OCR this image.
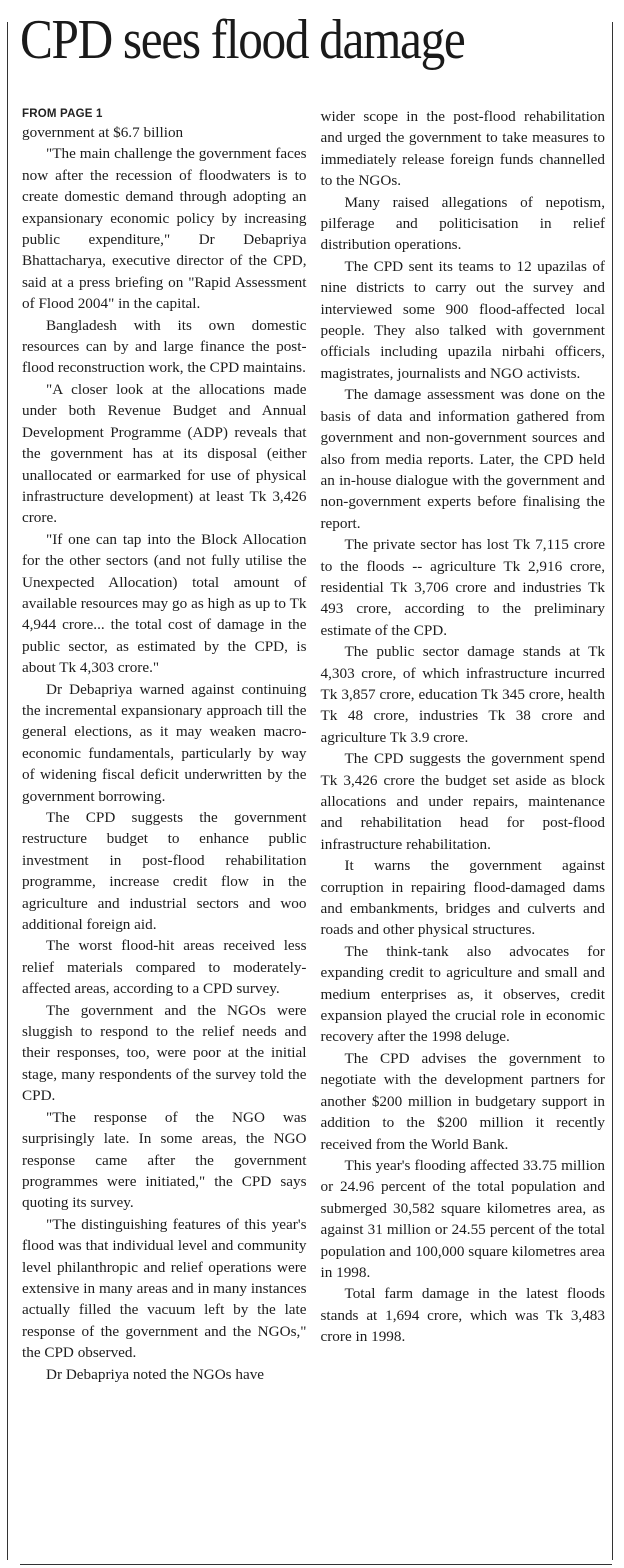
CPD sees flood damage
FROM PAGE 1

government at $6.7 billion

"The main challenge the government faces now after the recession of floodwaters is to create domestic demand through adopting an expansionary economic policy by increasing public expenditure," Dr Debapriya Bhattacharya, executive director of the CPD, said at a press briefing on "Rapid Assessment of Flood 2004" in the capital.

Bangladesh with its own domestic resources can by and large finance the post-flood reconstruction work, the CPD maintains.

"A closer look at the allocations made under both Revenue Budget and Annual Development Programme (ADP) reveals that the government has at its disposal (either unallocated or earmarked for use of physical infrastructure development) at least Tk 3,426 crore.

"If one can tap into the Block Allocation for the other sectors (and not fully utilise the Unexpected Allocation) total amount of available resources may go as high as up to Tk 4,944 crore... the total cost of damage in the public sector, as estimated by the CPD, is about Tk 4,303 crore."

Dr Debapriya warned against continuing the incremental expansionary approach till the general elections, as it may weaken macro-economic fundamentals, particularly by way of widening fiscal deficit underwritten by the government borrowing.

The CPD suggests the government restructure budget to enhance public investment in post-flood rehabilitation programme, increase credit flow in the agriculture and industrial sectors and woo additional foreign aid.

The worst flood-hit areas received less relief materials compared to moderately-affected areas, according to a CPD survey.

The government and the NGOs were sluggish to respond to the relief needs and their responses, too, were poor at the initial stage, many respondents of the survey told the CPD.

"The response of the NGO was surprisingly late. In some areas, the NGO response came after the government programmes were initiated," the CPD says quoting its survey.

"The distinguishing features of this year's flood was that individual level and community level philanthropic and relief operations were extensive in many areas and in many instances actually filled the vacuum left by the late response of the government and the NGOs," the CPD observed.

Dr Debapriya noted the NGOs have

wider scope in the post-flood rehabilitation and urged the government to take measures to immediately release foreign funds channelled to the NGOs.

Many raised allegations of nepotism, pilferage and politicisation in relief distribution operations.

The CPD sent its teams to 12 upazilas of nine districts to carry out the survey and interviewed some 900 flood-affected local people. They also talked with government officials including upazila nirbahi officers, magistrates, journalists and NGO activists.

The damage assessment was done on the basis of data and information gathered from government and non-government sources and also from media reports. Later, the CPD held an in-house dialogue with the government and non-government experts before finalising the report.

The private sector has lost Tk 7,115 crore to the floods -- agriculture Tk 2,916 crore, residential Tk 3,706 crore and industries Tk 493 crore, according to the preliminary estimate of the CPD.

The public sector damage stands at Tk 4,303 crore, of which infrastructure incurred Tk 3,857 crore, education Tk 345 crore, health Tk 48 crore, industries Tk 38 crore and agriculture Tk 3.9 crore.

The CPD suggests the government spend Tk 3,426 crore the budget set aside as block allocations and under repairs, maintenance and rehabilitation head for post-flood infrastructure rehabilitation.

It warns the government against corruption in repairing flood-damaged dams and embankments, bridges and culverts and roads and other physical structures.

The think-tank also advocates for expanding credit to agriculture and small and medium enterprises as, it observes, credit expansion played the crucial role in economic recovery after the 1998 deluge.

The CPD advises the government to negotiate with the development partners for another $200 million in budgetary support in addition to the $200 million it recently received from the World Bank.

This year's flooding affected 33.75 million or 24.96 percent of the total population and submerged 30,582 square kilometres area, as against 31 million or 24.55 percent of the total population and 100,000 square kilometres area in 1998.

Total farm damage in the latest floods stands at 1,694 crore, which was Tk 3,483 crore in 1998.
